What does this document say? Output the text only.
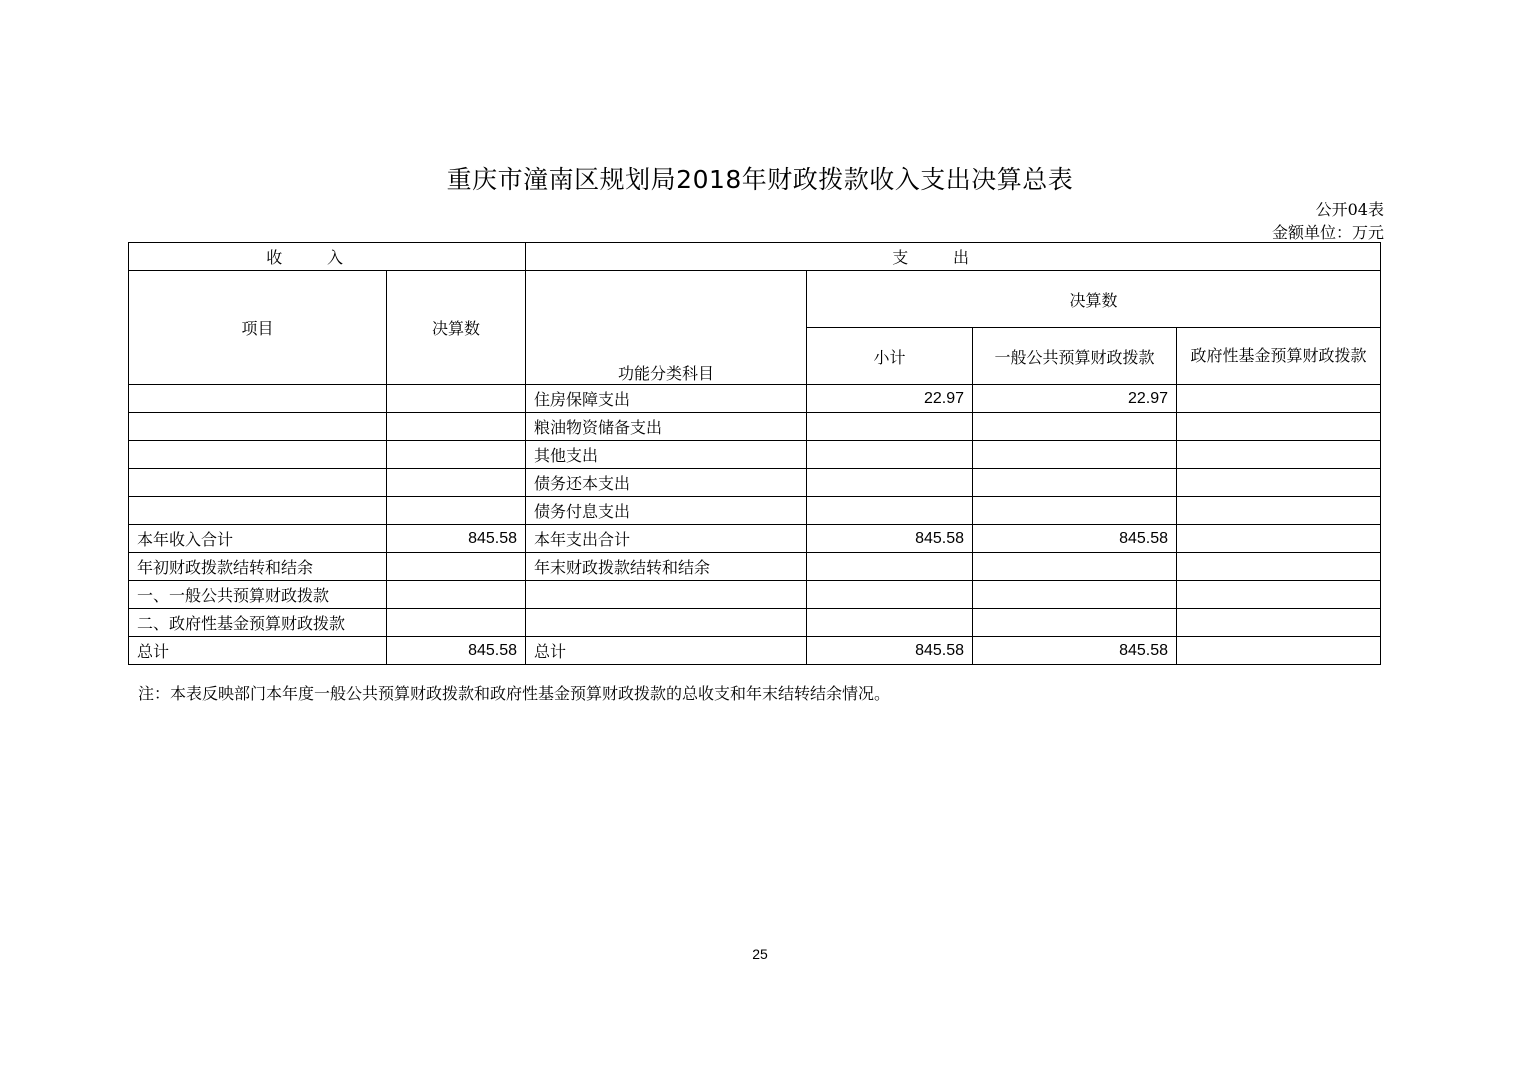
重庆市潼南区规划局2018年财政拨款收入支出决算总表
公开04表
金额单位：万元
收入		支出			
项目	决算数	功能分类科目	决算数		
			小计	一般公共预算财政拨款	政府性基金预算财政拨款
		住房保障支出	22.97	22.97	
		粮油物资储备支出			
		其他支出			
		债务还本支出			
		债务付息支出			
本年收入合计	845.58	本年支出合计	845.58	845.58	
年初财政拨款结转和结余		年末财政拨款结转和结余			
一、一般公共预算财政拨款					
二、政府性基金预算财政拨款					
总计	845.58	总计	845.58	845.58	
注：本表反映部门本年度一般公共预算财政拨款和政府性基金预算财政拨款的总收支和年末结转结余情况。
25
